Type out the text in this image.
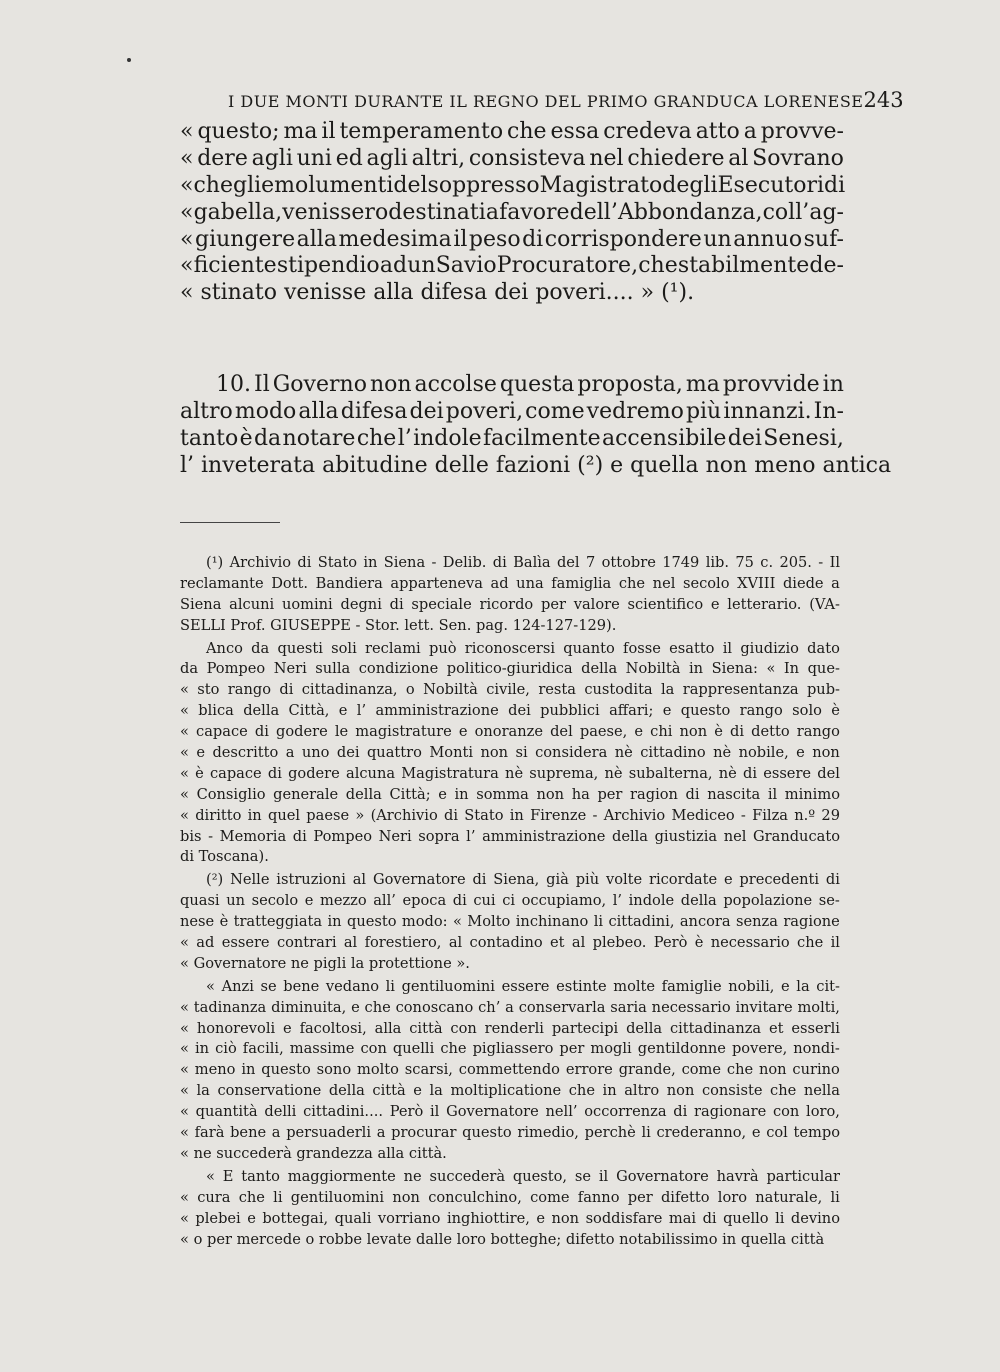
I DUE MONTI DURANTE IL REGNO DEL PRIMO GRANDUCA LORENESE 243
« questo; ma il temperamento che essa credeva atto a provve-
« dere agli uni ed agli altri, consisteva nel chiedere al Sovrano
« che gli emolumenti del soppresso Magistrato degli Esecutori di
« gabella, venissero destinati a favore dell’ Abbondanza, coll’ ag-
« giungere alla medesima il peso di corrispondere un annuo suf-
« ficiente stipendio ad un Savio Procuratore, che stabilmente de-
« stinato venisse alla difesa dei poveri.... » (¹).
10. Il Governo non accolse questa proposta, ma provvide in
altro modo alla difesa dei poveri, come vedremo più innanzi. In-
tanto è da notare che l’ indole facilmente accensibile dei Senesi,
l’ inveterata abitudine delle fazioni (²) e quella non meno antica
(¹) Archivio di Stato in Siena - Delib. di Balìa del 7 ottobre 1749 lib. 75 c. 205. - Il
reclamante Dott. Bandiera apparteneva ad una famiglia che nel secolo XVIII diede a
Siena alcuni uomini degni di speciale ricordo per valore scientifico e letterario. (VA-
SELLI Prof. GIUSEPPE - Stor. lett. Sen. pag. 124-127-129).
Anco da questi soli reclami può riconoscersi quanto fosse esatto il giudizio dato
da Pompeo Neri sulla condizione politico-giuridica della Nobiltà in Siena: « In que-
« sto rango di cittadinanza, o Nobiltà civile, resta custodita la rappresentanza pub-
« blica della Città, e l’ amministrazione dei pubblici affari; e questo rango solo è
« capace di godere le magistrature e onoranze del paese, e chi non è di detto rango
« e descritto a uno dei quattro Monti non si considera nè cittadino nè nobile, e non
« è capace di godere alcuna Magistratura nè suprema, nè subalterna, nè di essere del
« Consiglio generale della Città; e in somma non ha per ragion di nascita il minimo
« diritto in quel paese » (Archivio di Stato in Firenze - Archivio Mediceo - Filza n.º 29
bis - Memoria di Pompeo Neri sopra l’ amministrazione della giustizia nel Granducato
di Toscana).
(²) Nelle istruzioni al Governatore di Siena, già più volte ricordate e precedenti di
quasi un secolo e mezzo all’ epoca di cui ci occupiamo, l’ indole della popolazione se-
nese è tratteggiata in questo modo: « Molto inchinano li cittadini, ancora senza ragione
« ad essere contrari al forestiero, al contadino et al plebeo. Però è necessario che il
« Governatore ne pigli la protettione ».
« Anzi se bene vedano li gentiluomini essere estinte molte famiglie nobili, e la cit-
« tadinanza diminuita, e che conoscano ch’ a conservarla saria necessario invitare molti,
« honorevoli e facoltosi, alla città con renderli partecipi della cittadinanza et esserli
« in ciò facili, massime con quelli che pigliassero per mogli gentildonne povere, nondi-
« meno in questo sono molto scarsi, commettendo errore grande, come che non curino
« la conservatione della città e la moltiplicatione che in altro non consiste che nella
« quantità delli cittadini.... Però il Governatore nell’ occorrenza di ragionare con loro,
« farà bene a persuaderli a procurar questo rimedio, perchè li crederanno, e col tempo
« ne succederà grandezza alla città.
« E tanto maggiormente ne succederà questo, se il Governatore havrà particular
« cura che li gentiluomini non conculchino, come fanno per difetto loro naturale, li
« plebei e bottegai, quali vorriano inghiottire, e non soddisfare mai di quello li devino
« o per mercede o robbe levate dalle loro botteghe; difetto notabilissimo in quella città
